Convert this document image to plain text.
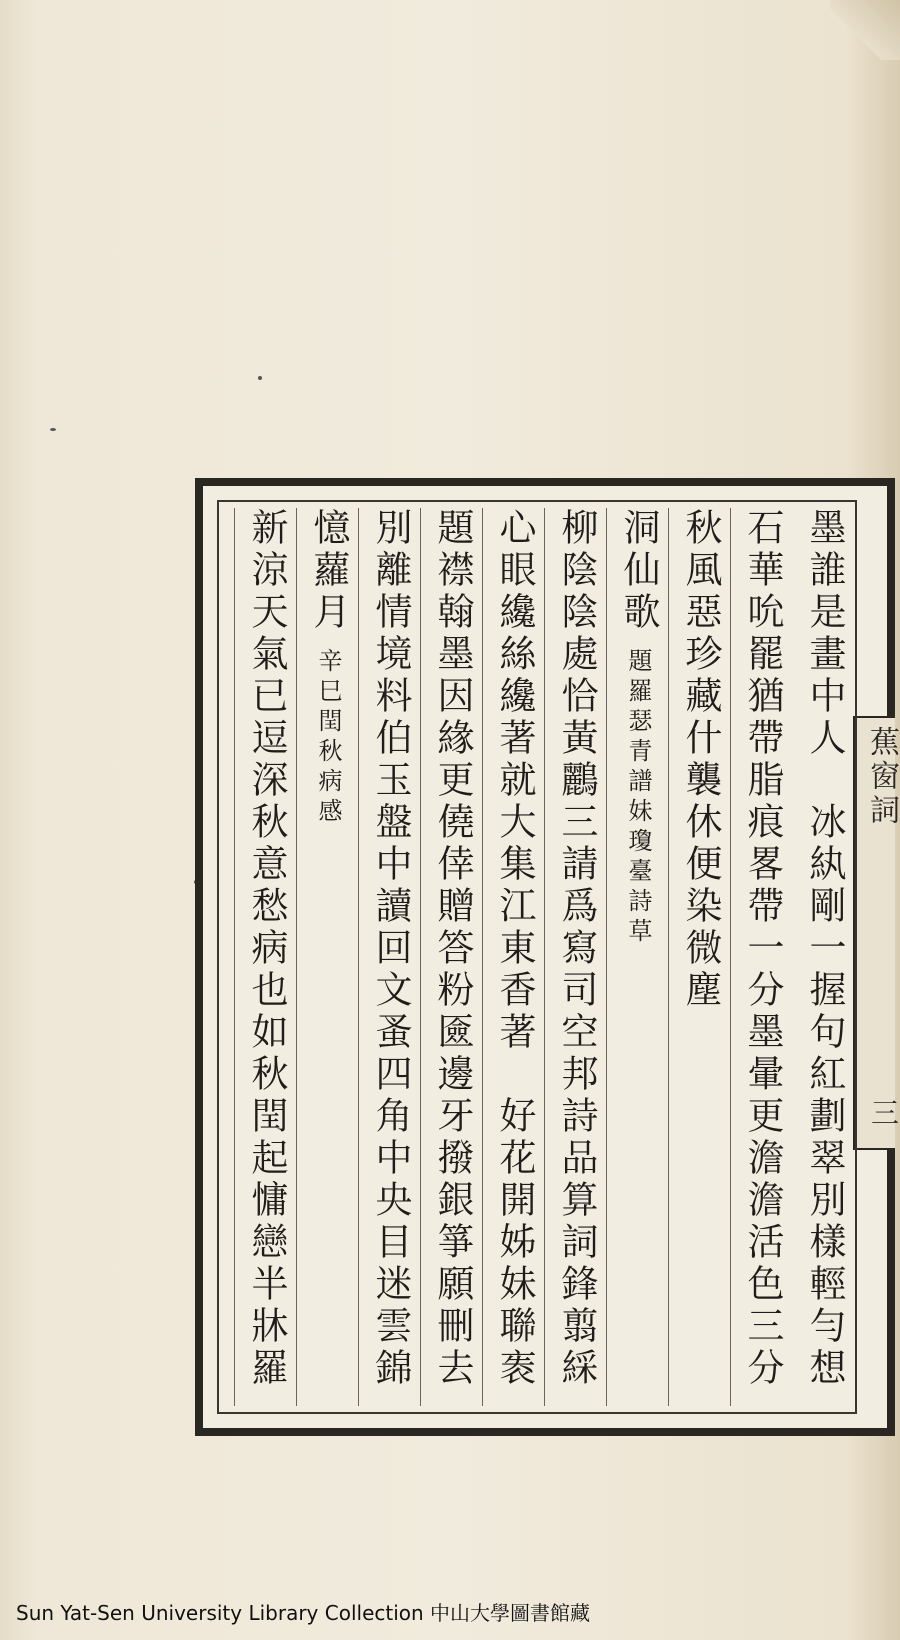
蕉窗詞
三
墨誰是畫中人　冰紈剛一握句紅劃翠別樣輕勻想
石華吮罷猶帶脂痕畧帶一分墨暈更澹澹活色三分
秋風惡珍藏什襲休便染微塵
洞仙歌
題羅瑟青譜妹瓊臺詩草
柳陰陰處恰黃鸝三請爲寫司空邦詩品算詞鋒翦綵
心眼纔絲纔著就大集江東香著　好花開姊妹聯袠
題襟翰墨因緣更僥倖贈答粉匳邊牙撥銀箏願刪去
別離情境料伯玉盤中讀回文蚤四角中央目迷雲錦
憶蘿月
辛巳閏秋病感
新涼天氣已逗深秋意愁病也如秋閏起慵戀半牀羅
Sun Yat-Sen University Library Collection 中山大學圖書館藏
